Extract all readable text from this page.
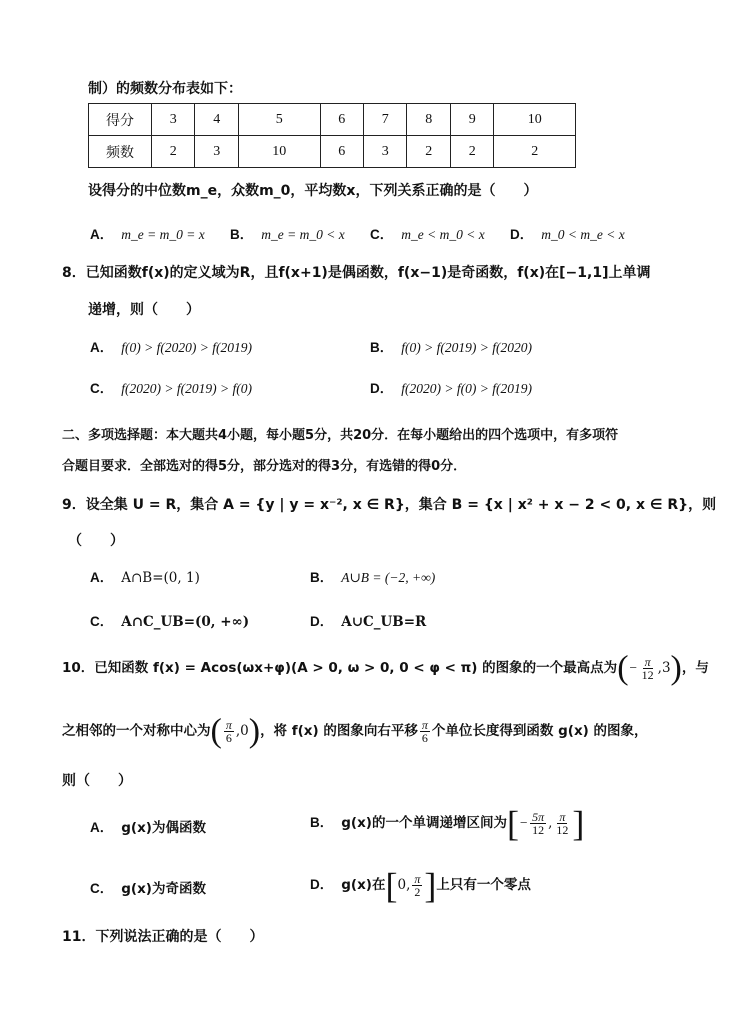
制）的频数分布表如下：
得分	3	4	5	6	7	8	9	10
频数	2	3	10	6	3	2	2	2
设得分的中位数m_e，众数m_0，平均数x，下列关系正确的是（　　）
A． m_e = m_0 = x B． m_e = m_0 < x C． m_e < m_0 < x D． m_0 < m_e < x
8．已知函数f(x)的定义域为R，且f(x+1)是偶函数，f(x−1)是奇函数，f(x)在[−1,1]上单调
递增，则（　　）
A． f(0) > f(2020) > f(2019)	B． f(0) > f(2019) > f(2020)
C． f(2020) > f(2019) > f(0)	D． f(2020) > f(0) > f(2019)
二、多项选择题：本大题共4小题，每小题5分，共20分．在每小题给出的四个选项中，有多项符
合题目要求．全部选对的得5分，部分选对的得3分，有选错的得0分．
9．设全集 U = R，集合 A = {y | y = x⁻², x ∈ R}，集合 B = {x | x² + x − 2 < 0, x ∈ R}，则
（　　）
A． A∩B=(0, 1)	B． A∪B = (−2, +∞)
C． A∩C_UB=(0, +∞)	D． A∪C_UB=R
10．已知函数 f(x) = Acos(ωx+φ)(A > 0, ω > 0, 0 < φ < π) 的图象的一个最高点为(− $\frac{\pi}{12} ,3$)，与
之相邻的一个对称中心为( $\frac{\pi}{6} ,0$)，将 f(x) 的图象向右平移 $\frac{\pi}{6}$ 个单位长度得到函数 g(x) 的图象，
则（　　）
A． g(x)为偶函数	B． g(x)的一个单调递增区间为[− $\frac{5\pi}{12}$ , $\frac{\pi}{12}$ ]
C． g(x)为奇函数	D． g(x)在[0, $\frac{\pi}{2}$ ]上只有一个零点
11．下列说法正确的是（　　）
